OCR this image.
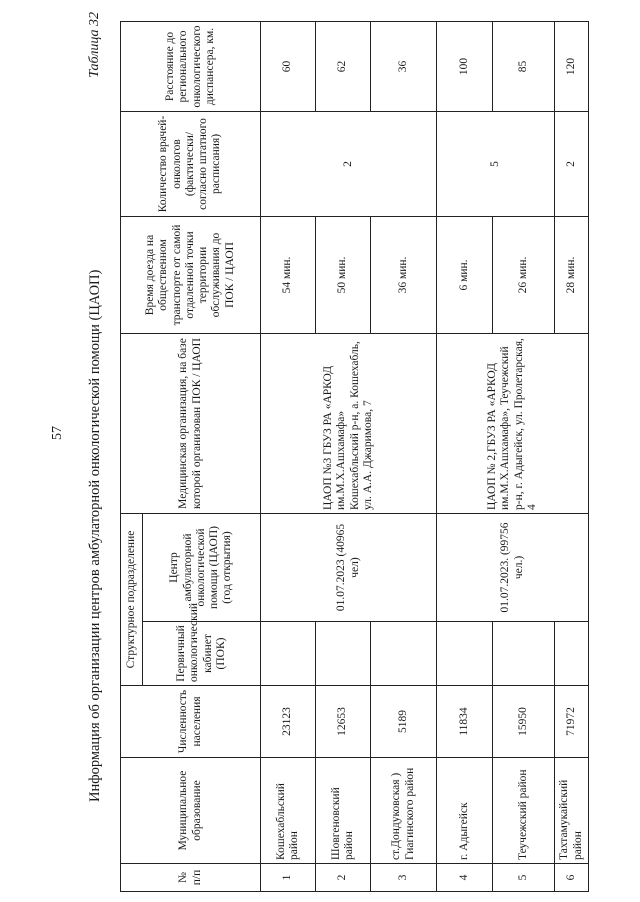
57 Информация об организации центров амбулаторной онкологической помощи (ЦАОП)
Таблица 32
№ п/п	Муниципальное образование	Численность населения	Структурное подразделение		Медицинская организация, на базе которой организован ПОК / ЦАОП	Время доезда на общественном транспорте от самой отдаленной точки территории обслуживания до ПОК / ЦАОП	Количество врачей-онкологов (фактически/ согласно штатного расписания)	Расстояние до регионального онкологического диспансера, км.
			Первичный онкологический кабинет (ПОК)	Центр амбулаторной онкологической помощи (ЦАОП) (год открытия)				
1	Кошехабльский район	23123		01.07.2023 (40965 чел)	ЦАОП №3 ГБУЗ РА «АРКОД им.М.Х.Ашхамафа» Кошехабльский р-н, а. Кошехабль, ул. А.А. Джаримова, 7	54 мин.	2	60
2	Шовгеновский район	12653				50 мин.		62
3	ст.Дондуковская ) Гиагинского район	5189				36 мин.		36
4	г. Адыгейск	11834		01.07.2023. (99756 чел.)	ЦАОП № 2,ГБУЗ РА «АРКОД им.М.Х.Ашхамафа», Теучежский р-н, г. Адыгейск, ул. Пролетарская, 4	6 мин.	5	100
5	Теучежский район	15950				26 мин.		85
6	Тахтамукайский район	71972				28 мин.	2	120
